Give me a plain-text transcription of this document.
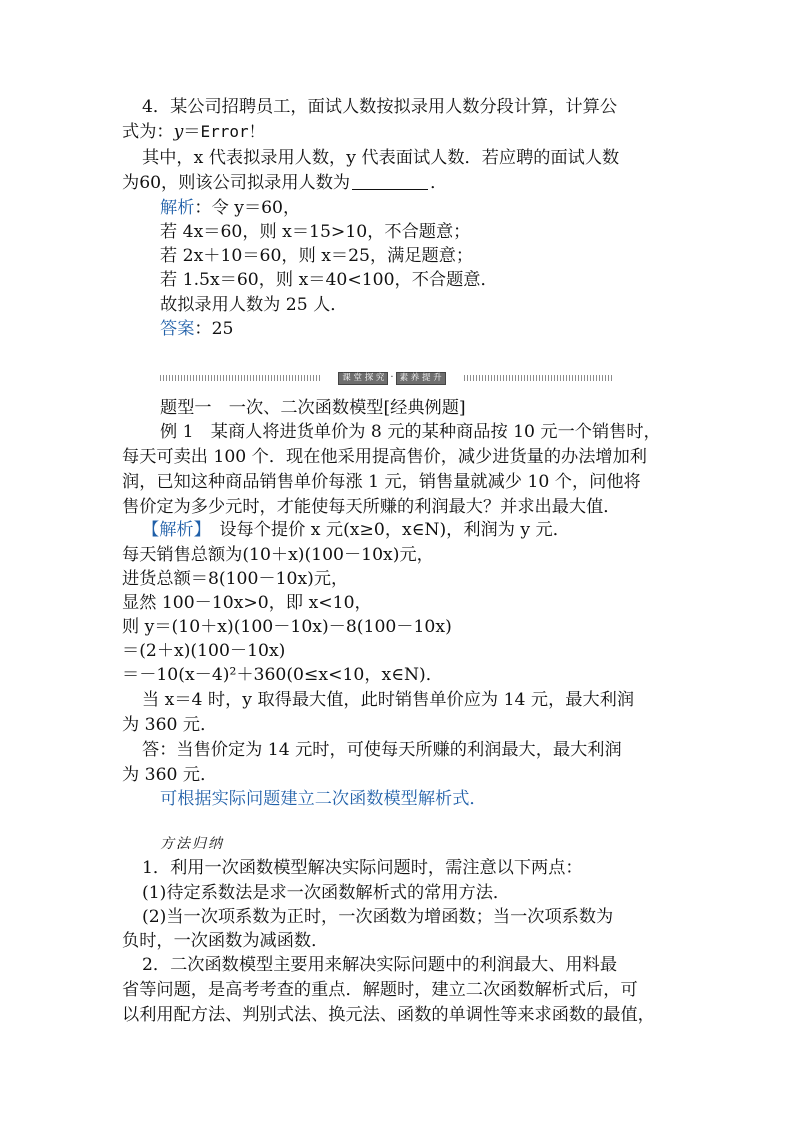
4．某公司招聘员工，面试人数按拟录用人数分段计算，计算公
式为：y＝Error！
其中，x 代表拟录用人数，y 代表面试人数．若应聘的面试人数
为60，则该公司拟录用人数为	．
解析：令 y＝60，
若 4x＝60，则 x＝15>10，不合题意；
若 2x＋10＝60，则 x＝25，满足题意；
若 1.5x＝60，则 x＝40<100，不合题意．
故拟录用人数为 25 人．
答案：25
课 堂 探 究 · 素 养 提 升
题型一　一次、二次函数模型[经典例题]
例 1　某商人将进货单价为 8 元的某种商品按 10 元一个销售时，
每天可卖出 100 个．现在他采用提高售价，减少进货量的办法增加利
润，已知这种商品销售单价每涨 1 元，销售量就减少 10 个，问他将
售价定为多少元时，才能使每天所赚的利润最大？并求出最大值．
【解析】　设每个提价 x 元(x≥0，x∈N)，利润为 y 元．
每天销售总额为(10＋x)(100－10x)元，
进货总额＝8(100－10x)元，
显然 100－10x>0，即 x<10，
则 y＝(10＋x)(100－10x)－8(100－10x)
＝(2＋x)(100－10x)
＝－10(x－4)²＋360(0≤x<10，x∈N)．
当 x＝4 时，y 取得最大值，此时销售单价应为 14 元，最大利润
为 360 元．
答：当售价定为 14 元时，可使每天所赚的利润最大，最大利润
为 360 元．
可根据实际问题建立二次函数模型解析式．
方法归纳
1．利用一次函数模型解决实际问题时，需注意以下两点：
(1)待定系数法是求一次函数解析式的常用方法．
(2)当一次项系数为正时，一次函数为增函数；当一次项系数为
负时，一次函数为减函数．
2．二次函数模型主要用来解决实际问题中的利润最大、用料最
省等问题，是高考考查的重点．解题时，建立二次函数解析式后，可
以利用配方法、判别式法、换元法、函数的单调性等来求函数的最值，
